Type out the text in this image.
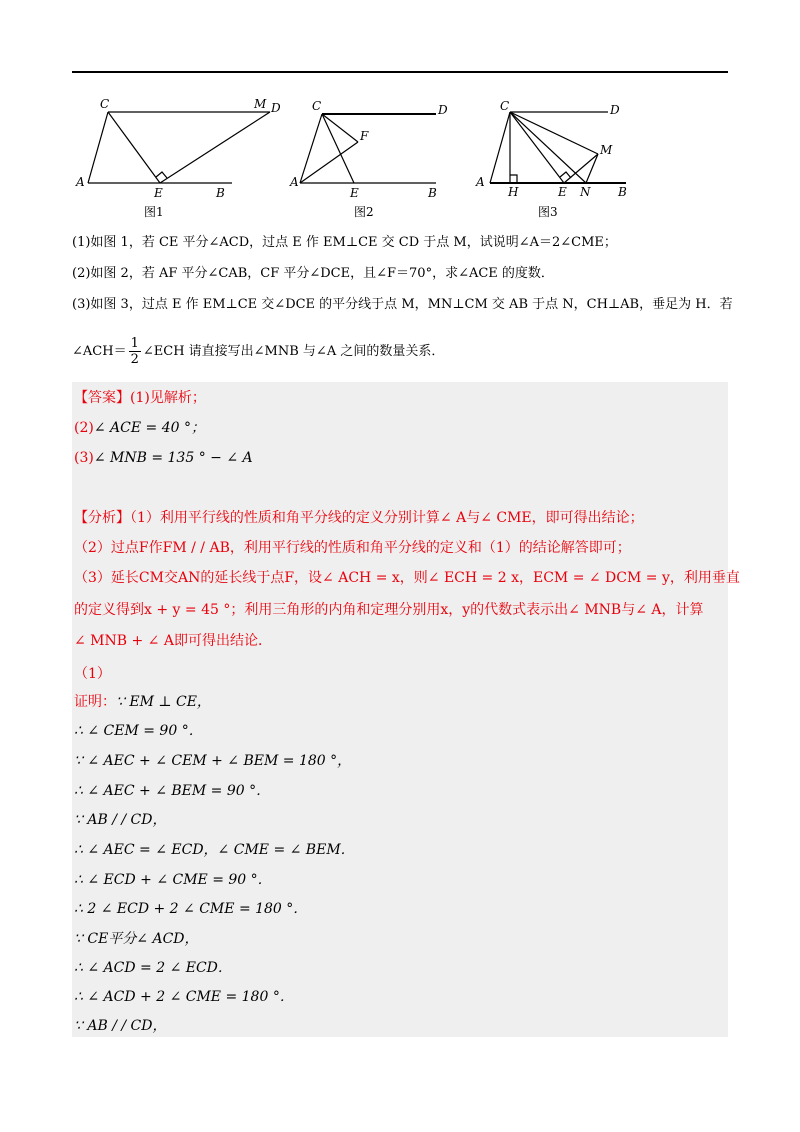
C	M D
A
E	B
图1
C	D
F
A
E	B
图2
C	D
M
A
H	E N B
图3
(1)如图 1，若 CE 平分∠ACD，过点 E 作 EM⊥CE 交 CD 于点 M，试说明∠A＝2∠CME；
(2)如图 2，若 AF 平分∠CAB，CF 平分∠DCE，且∠F＝70°，求∠ACE 的度数．
(3)如图 3，过点 E 作 EM⊥CE 交∠DCE 的平分线于点 M，MN⊥CM 交 AB 于点 N，CH⊥AB，垂足为 H．若
∠ACH＝ $\frac{1}{2}$ ∠ECH 请直接写出∠MNB 与∠A 之间的数量关系．
【答案】(1)见解析；
(2)∠ ACE = 40 °；
(3)∠ MNB = 135 ° − ∠ A
【分析】（1）利用平行线的性质和角平分线的定义分别计算∠ A与∠ CME，即可得出结论；
（2）过点F作FM / / AB，利用平行线的性质和角平分线的定义和（1）的结论解答即可；
（3）延长CM交AN的延长线于点F，设∠ ACH = x，则∠ ECH = 2 x，ECM = ∠ DCM = y，利用垂直
的定义得到x + y = 45 °；利用三角形的内角和定理分别用x，y的代数式表示出∠ MNB与∠ A，计算
∠ MNB + ∠ A即可得出结论．
（1）
证明：∵ EM ⊥ CE，
∴ ∠ CEM = 90 °．
∵ ∠ AEC + ∠ CEM + ∠ BEM = 180 °，
∴ ∠ AEC + ∠ BEM = 90 °．
∵ AB / / CD，
∴ ∠ AEC = ∠ ECD，∠ CME = ∠ BEM．
∴ ∠ ECD + ∠ CME = 90 °．
∴ 2 ∠ ECD + 2 ∠ CME = 180 °．
∵ CE平分∠ ACD，
∴ ∠ ACD = 2 ∠ ECD．
∴ ∠ ACD + 2 ∠ CME = 180 °．
∵ AB / / CD，
